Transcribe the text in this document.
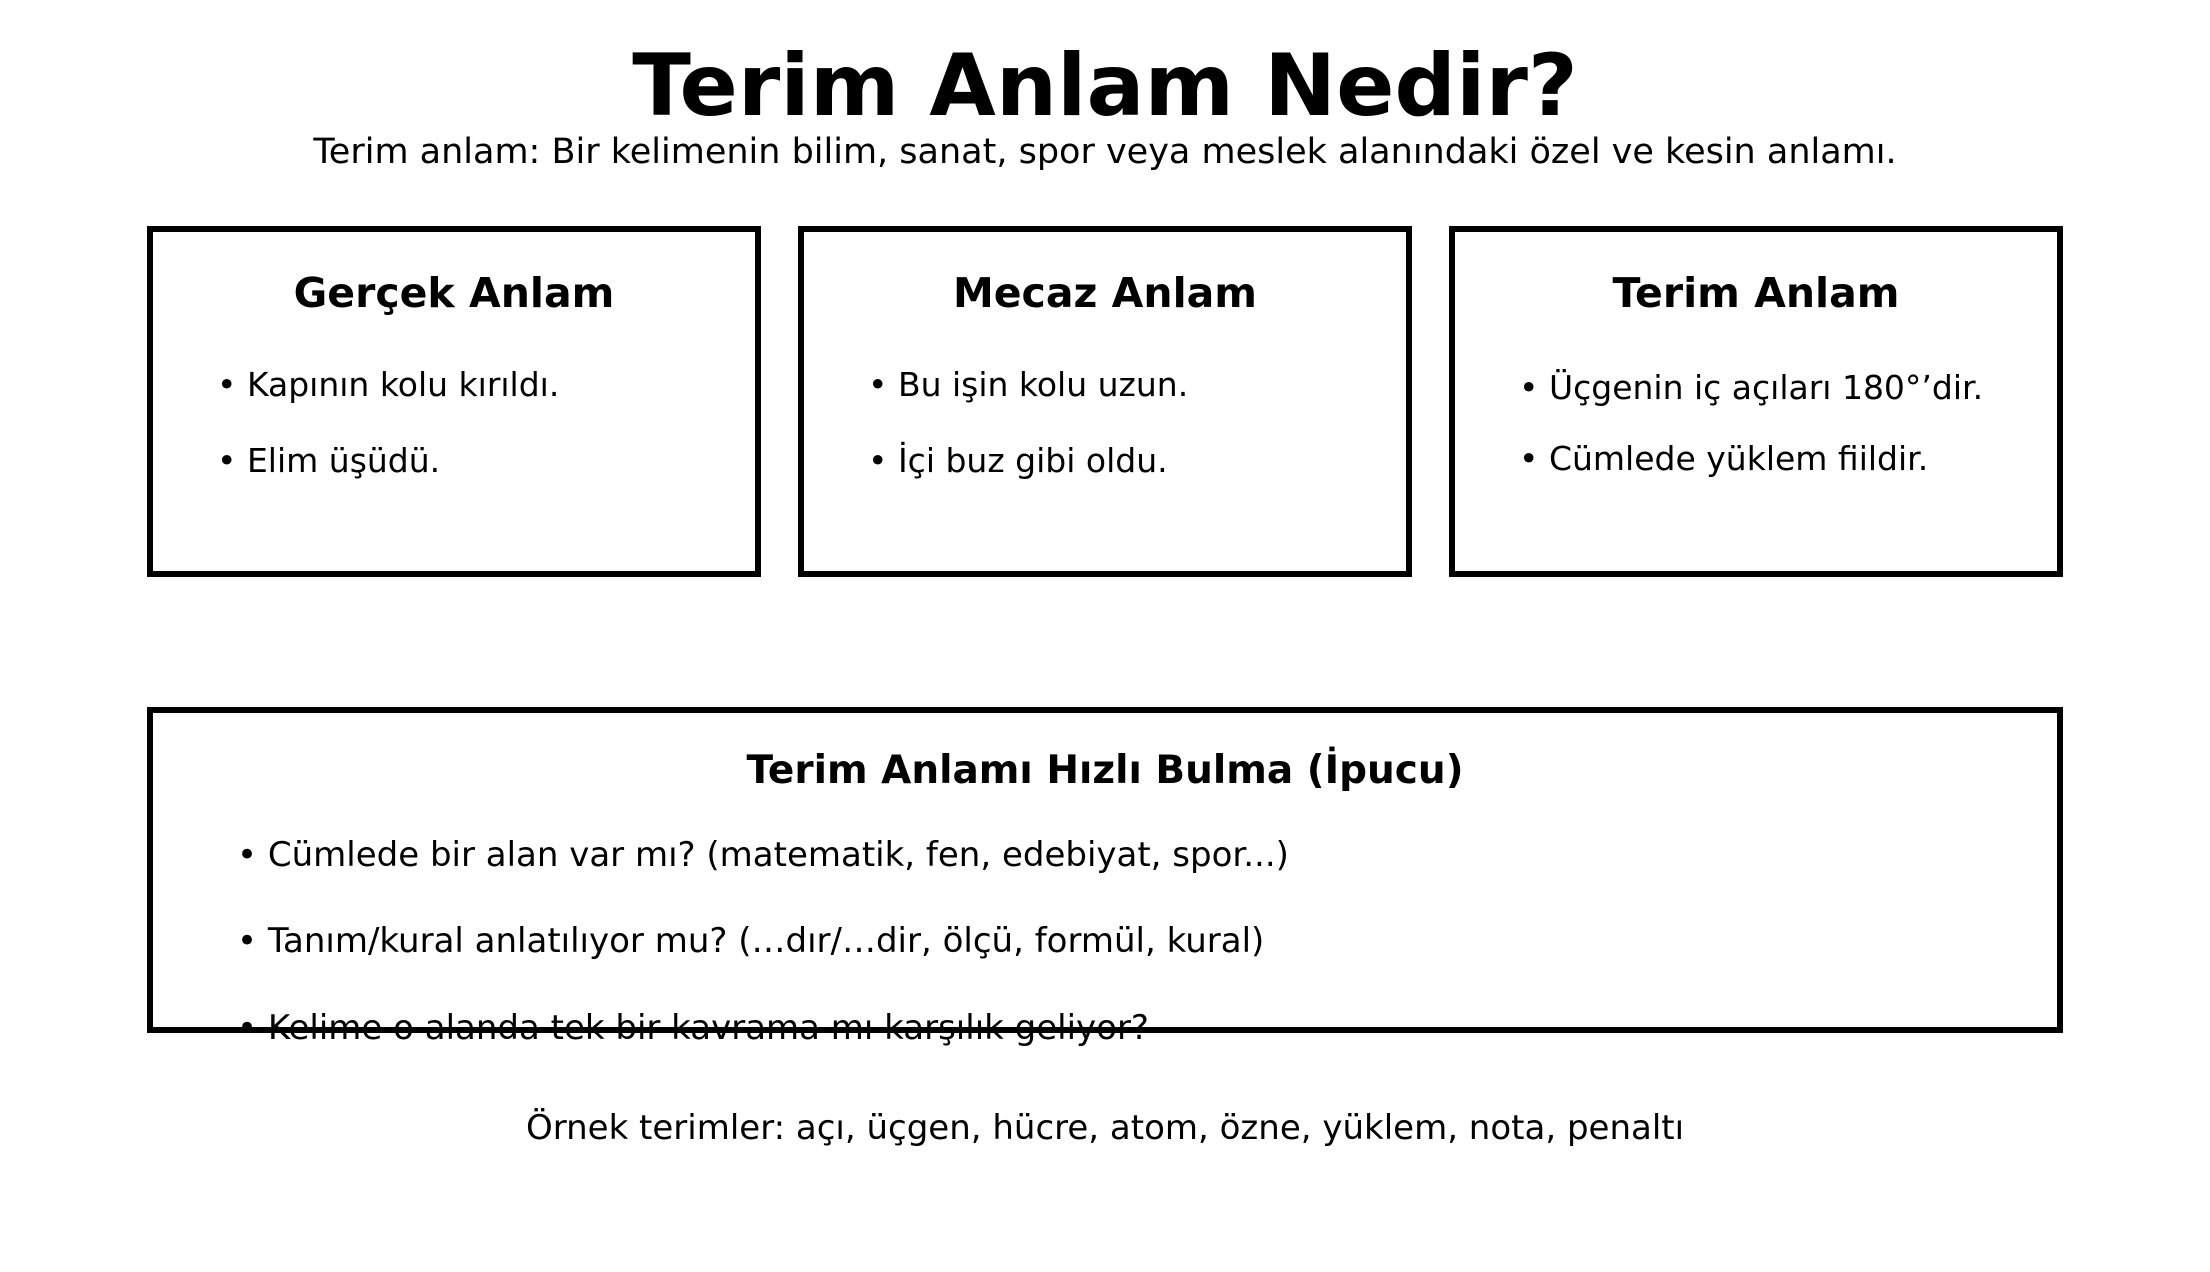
Terim Anlam Nedir?
Terim anlam: Bir kelimenin bilim, sanat, spor veya meslek alanındaki özel ve kesin anlamı.
Gerçek Anlam
• Kapının kolu kırıldı.
• Elim üşüdü.
Mecaz Anlam
• Bu işin kolu uzun.
• İçi buz gibi oldu.
Terim Anlam
• Üçgenin iç açıları 180°’dir.
• Cümlede yüklem fiildir.
Terim Anlamı Hızlı Bulma (İpucu)
• Cümlede bir alan var mı? (matematik, fen, edebiyat, spor...)
• Tanım/kural anlatılıyor mu? (…dır/…dir, ölçü, formül, kural)
• Kelime o alanda tek bir kavrama mı karşılık geliyor?
Örnek terimler: açı, üçgen, hücre, atom, özne, yüklem, nota, penaltı
